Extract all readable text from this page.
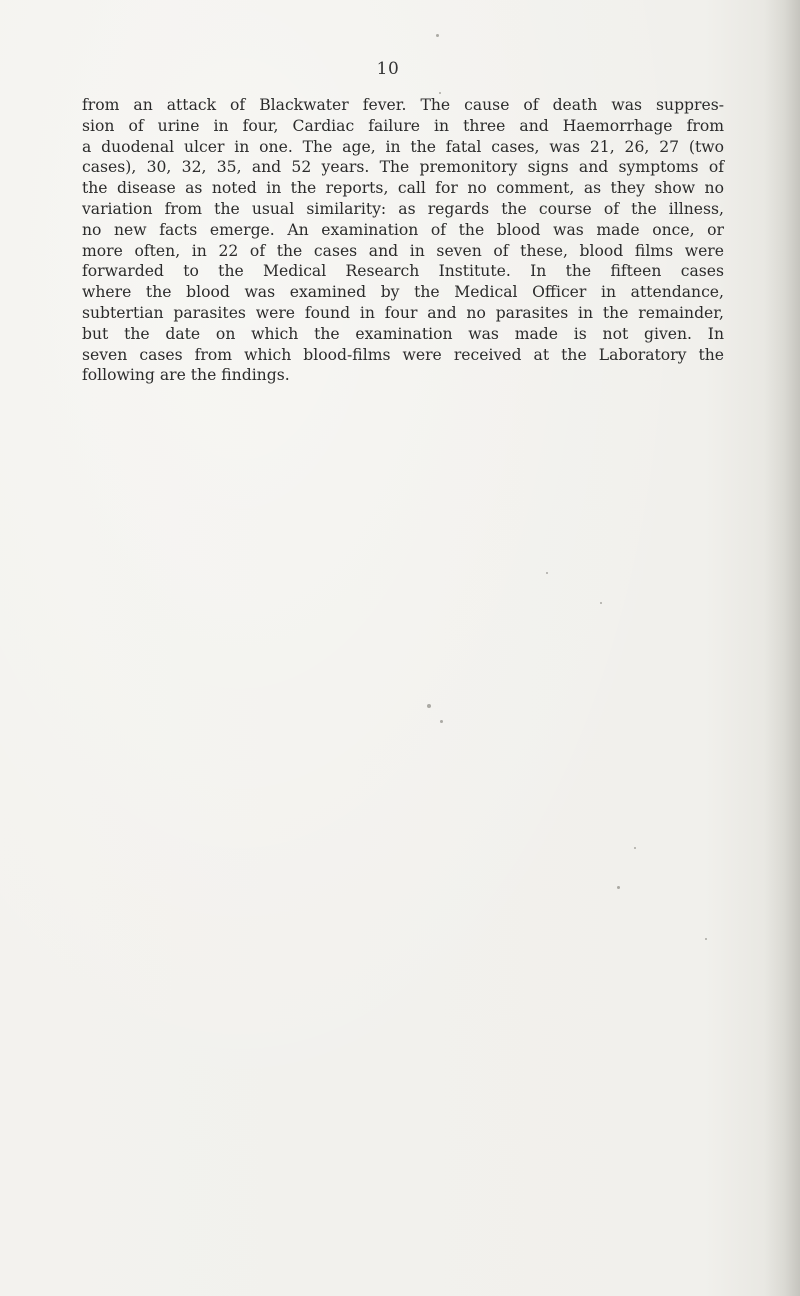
10
from an attack of Blackwater fever. The cause of death was suppres-
sion of urine in four, Cardiac failure in three and Haemorrhage from
a duodenal ulcer in one. The age, in the fatal cases, was 21, 26, 27 (two
cases), 30, 32, 35, and 52 years. The premonitory signs and symptoms of
the disease as noted in the reports, call for no comment, as they show no
variation from the usual similarity: as regards the course of the illness,
no new facts emerge. An examination of the blood was made once, or
more often, in 22 of the cases and in seven of these, blood films were
forwarded to the Medical Research Institute. In the fifteen cases
where the blood was examined by the Medical Officer in attendance,
subtertian parasites were found in four and no parasites in the remainder,
but the date on which the examination was made is not given. In
seven cases from which blood-films were received at the Laboratory the
following are the findings.
